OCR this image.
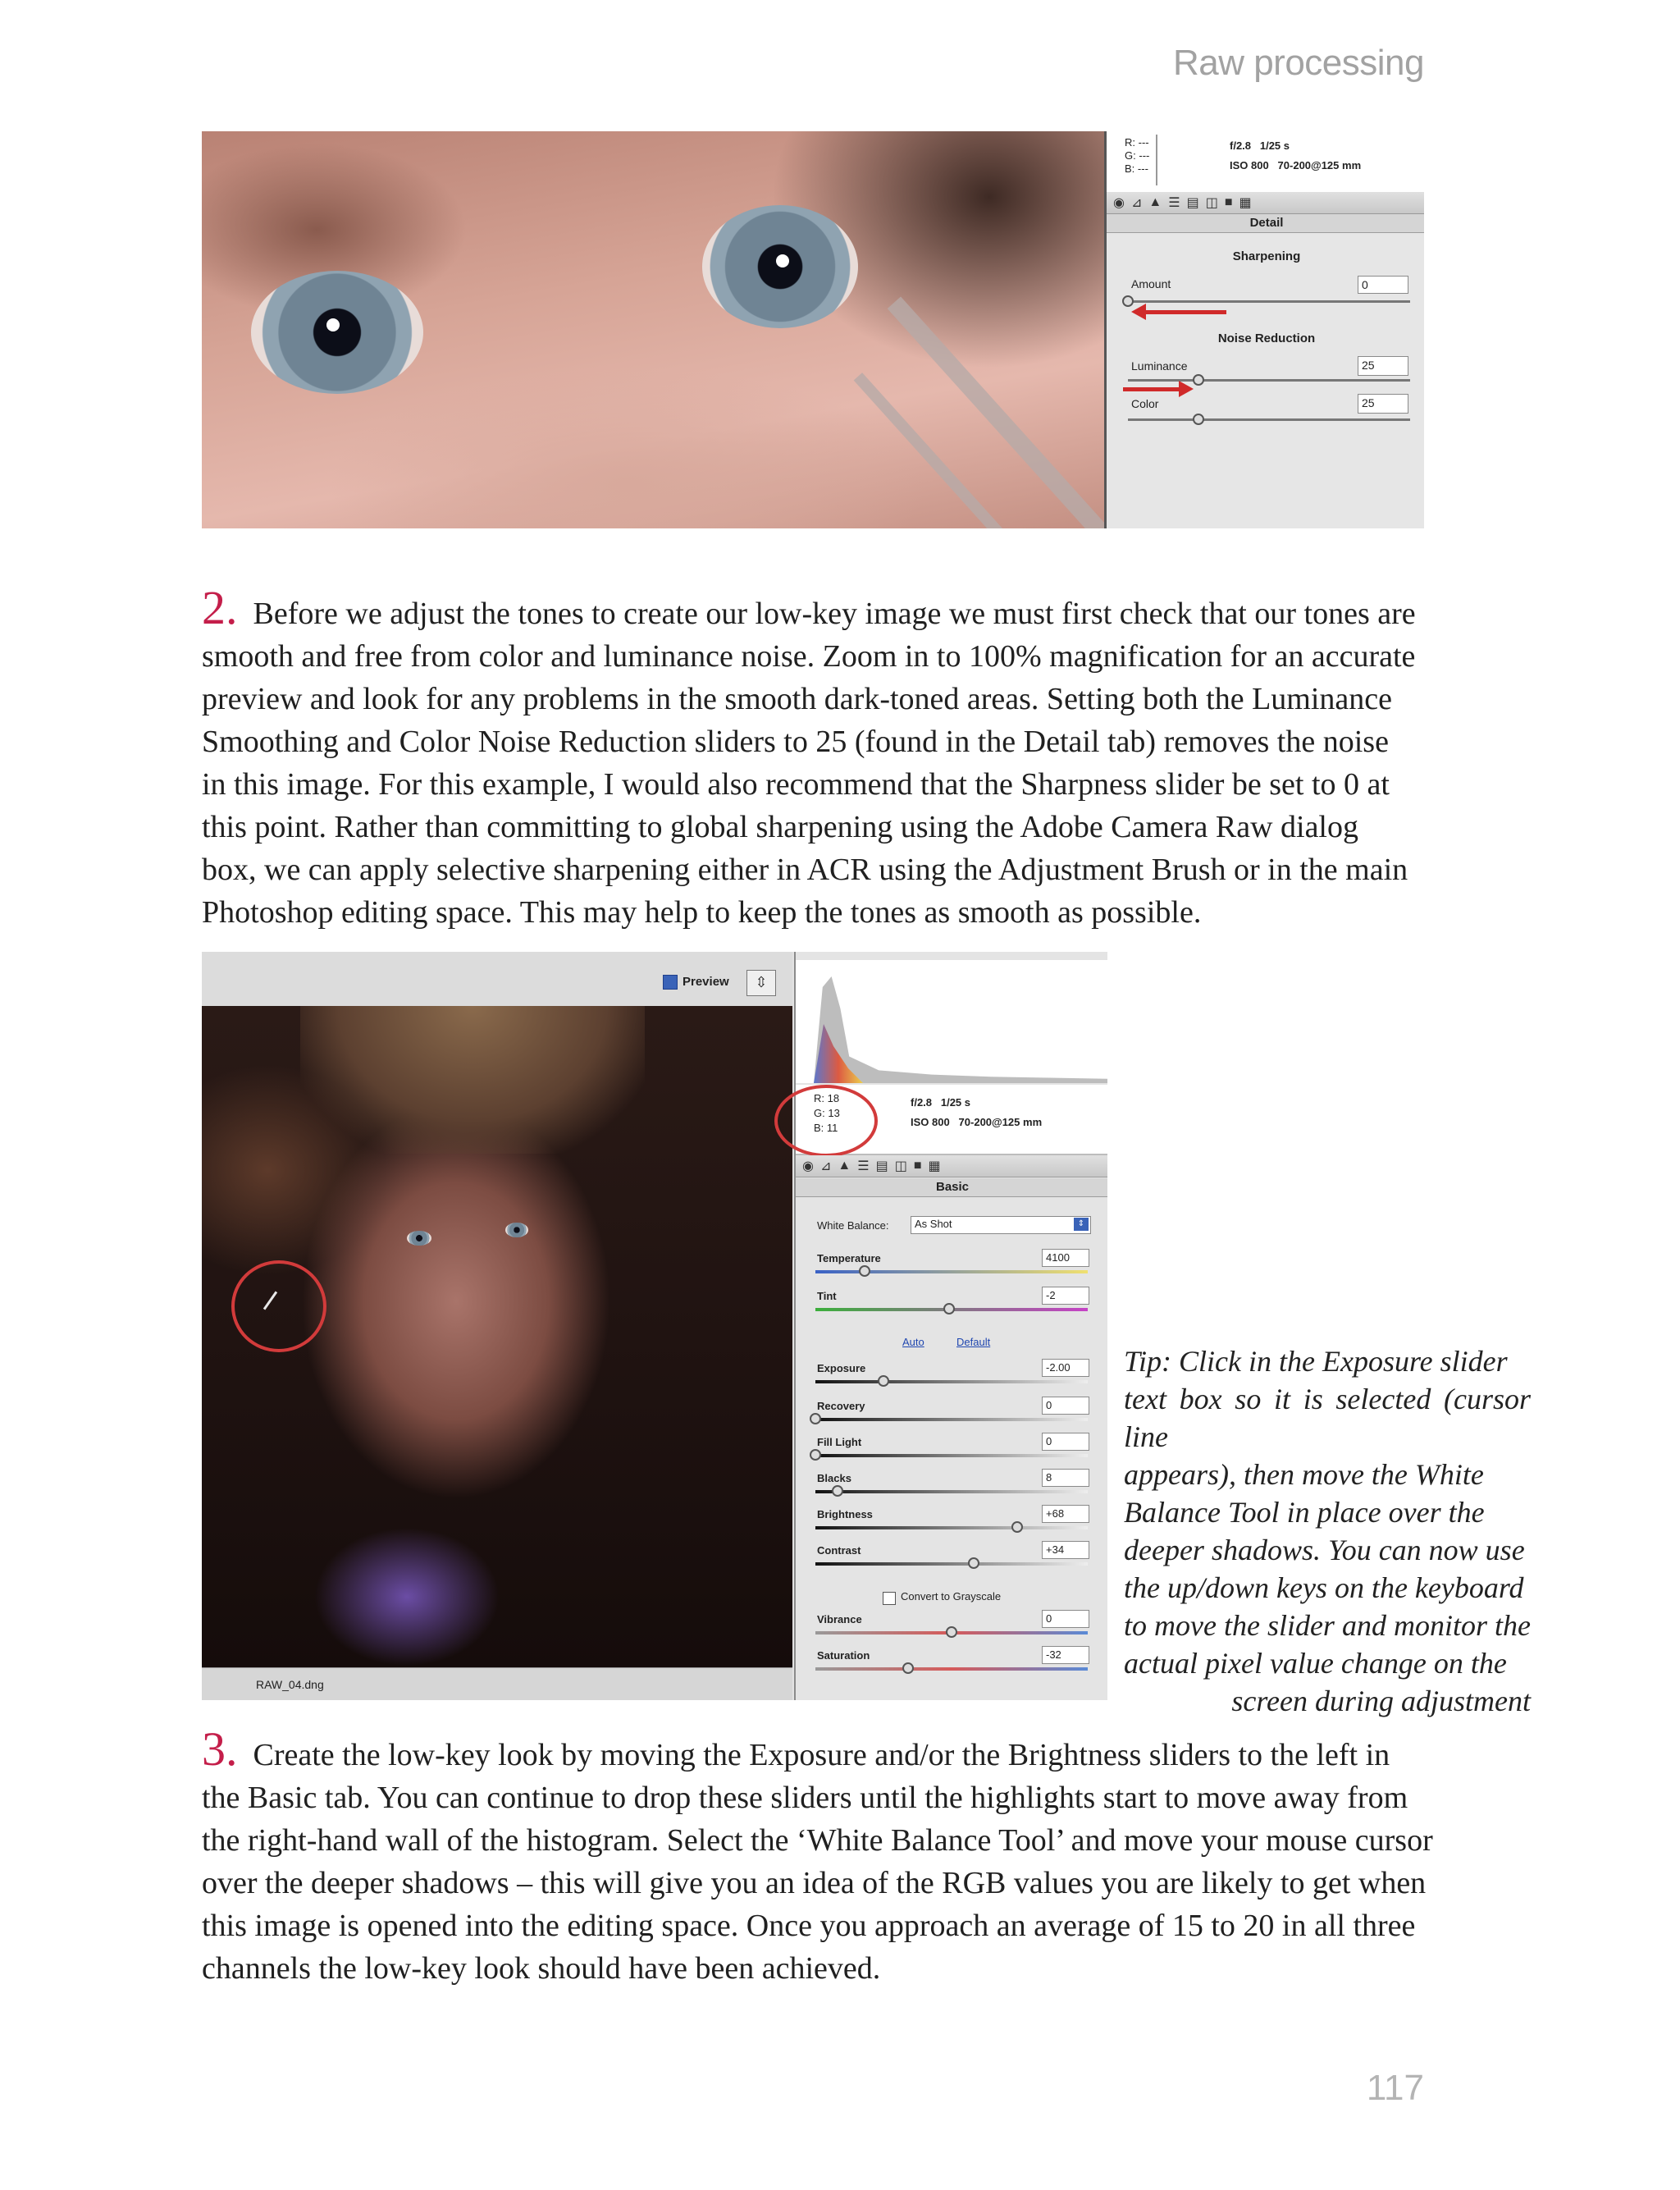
Raw processing
R: ---
G: ---
B: ---
f/2.8 1/25 s
ISO 800 70-200@125 mm
◉ ⊿ ▲ ☰ ▤ ◫ ■ ▦
Detail
Sharpening
Amount	0
Noise Reduction
Luminance	25
Color	25
2. Before we adjust the tones to create our low-key image we must first check that our tones are
smooth and free from color and luminance noise. Zoom in to 100% magnification for an accurate
preview and look for any problems in the smooth dark-toned areas. Setting both the Luminance
Smoothing and Color Noise Reduction sliders to 25 (found in the Detail tab) removes the noise
in this image. For this example, I would also recommend that the Sharpness slider be set to 0 at
this point. Rather than committing to global sharpening using the Adobe Camera Raw dialog
box, we can apply selective sharpening either in ACR using the Adjustment Brush or in the main
Photoshop editing space. This may help to keep the tones as smooth as possible.
Preview	⇳
RAW_04.dng
R: 18
G: 13
B: 11
f/2.8 1/25 s
ISO 800 70-200@125 mm
◉ ⊿ ▲ ☰ ▤ ◫ ■ ▦
Basic
White Balance:	As Shot	⇕
Auto	Default
Convert to Grayscale
Temperature	4100
Tint	-2
Exposure	-2.00
Recovery	0
Fill Light	0
Blacks	8
Brightness	+68
Contrast	+34
Vibrance	0
Saturation	-32
Tip: Click in the Exposure slider
text box so it is selected (cursor line
appears), then move the White
Balance Tool in place over the
deeper shadows. You can now use
the up/down keys on the keyboard
to move the slider and monitor the
actual pixel value change on the
screen during adjustment
3. Create the low-key look by moving the Exposure and/or the Brightness sliders to the left in
the Basic tab. You can continue to drop these sliders until the highlights start to move away from
the right-hand wall of the histogram. Select the ‘White Balance Tool’ and move your mouse cursor
over the deeper shadows – this will give you an idea of the RGB values you are likely to get when
this image is opened into the editing space. Once you approach an average of 15 to 20 in all three
channels the low-key look should have been achieved.
117
